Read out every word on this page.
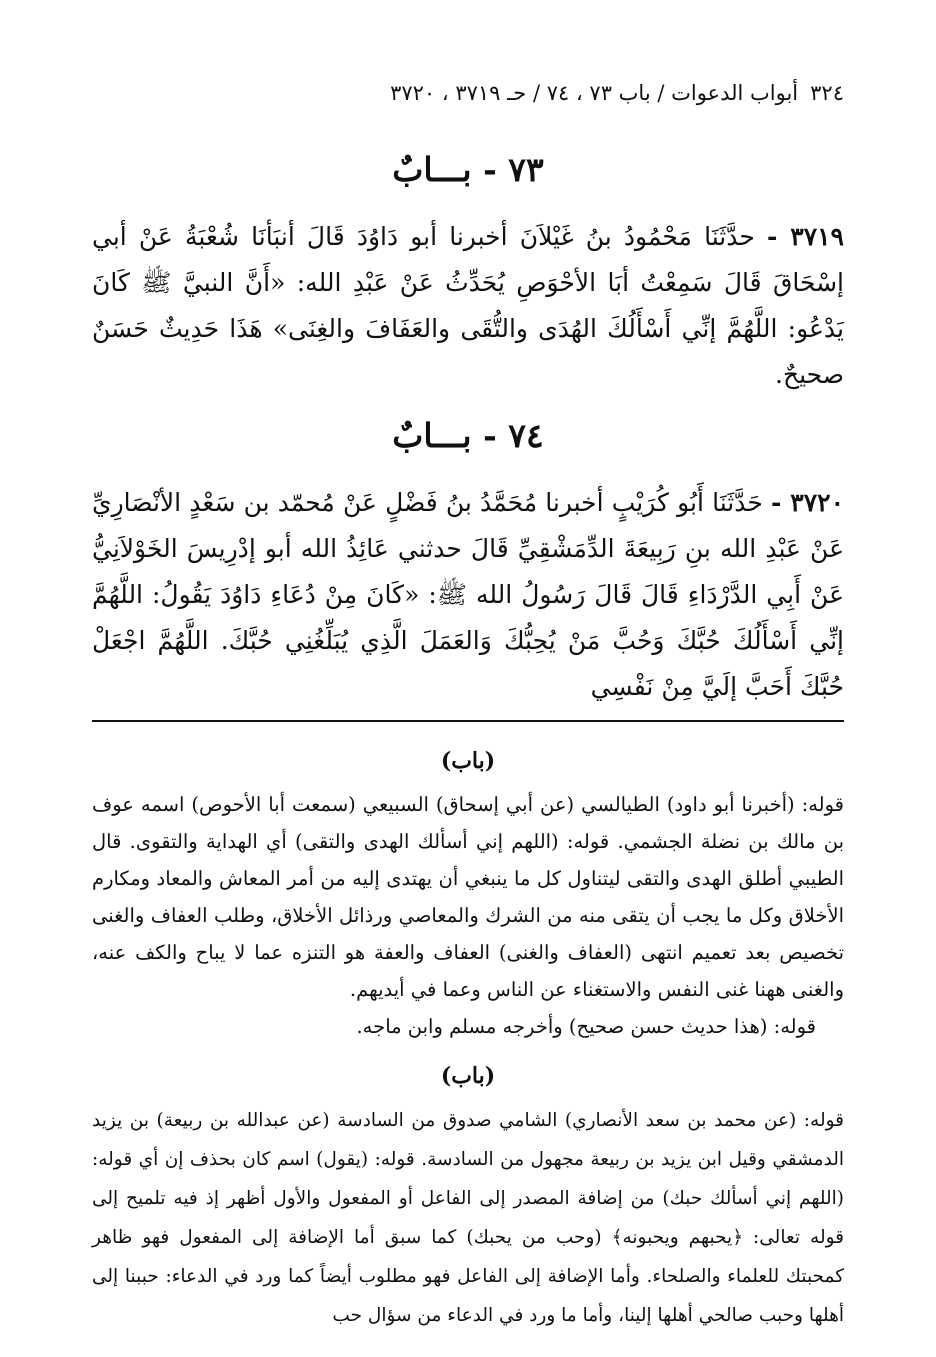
٣٢٤
أبواب الدعوات / باب ٧٣ ، ٧٤ / حـ ٣٧١٩ ، ٣٧٢٠
٧٣ - بـــابٌ

٣٧١٩ - حدَّثَنَا مَحْمُودُ بنُ غَيْلاَنَ أخبرنا أبو دَاوُدَ قَالَ أنبَأنَا شُعْبَةُ عَنْ أبي إسْحَاقَ قَالَ سَمِعْتُ أبَا الأحْوَصِ يُحَدِّثُ عَنْ عَبْدِ الله: «أَنَّ النبيَّ ﷺ كَانَ يَدْعُو: اللَّهُمَّ إنِّي أَسْأَلُكَ الهُدَى والتُّقَى والعَفَافَ والغِنَى» هَذَا حَدِيثٌ حَسَنٌ صحيحٌ.

٧٤ - بـــابٌ

٣٧٢٠ - حَدَّثَنَا أَبُو كُرَيْبٍ أخبرنا مُحَمَّدُ بنُ فَضْلٍ عَنْ مُحمّد بن سَعْدٍ الأنْصَارِيِّ عَنْ عَبْدِ الله بنِ رَبِيعَةَ الدِّمَشْقِيِّ قَالَ حدثني عَائِذُ الله أبو إدْرِيسَ الخَوْلاَنِيُّ عَنْ أَبِي الدَّرْدَاءِ قَالَ قَالَ رَسُولُ الله ﷺ: «كَانَ مِنْ دُعَاءِ دَاوُدَ يَقُولُ: اللَّهُمَّ إنِّي أَسْأَلُكَ حُبَّكَ وَحُبَّ مَنْ يُحِبُّكَ وَالعَمَلَ الَّذِي يُبَلِّغُنِي حُبَّكَ. اللَّهُمَّ اجْعَلْ حُبَّكَ أَحَبَّ إلَيَّ مِنْ نَفْسِي

(باب)

قوله: (أخبرنا أبو داود) الطيالسي (عن أبي إسحاق) السبيعي (سمعت أبا الأحوص) اسمه عوف بن مالك بن نضلة الجشمي. قوله: (اللهم إني أسألك الهدى والتقى) أي الهداية والتقوى. قال الطيبي أطلق الهدى والتقى ليتناول كل ما ينبغي أن يهتدى إليه من أمر المعاش والمعاد ومكارم الأخلاق وكل ما يجب أن يتقى منه من الشرك والمعاصي ورذائل الأخلاق، وطلب العفاف والغنى تخصيص بعد تعميم انتهى (العفاف والغنى) العفاف والعفة هو التنزه عما لا يباح والكف عنه، والغنى ههنا غنى النفس والاستغناء عن الناس وعما في أيديهم.

قوله: (هذا حديث حسن صحيح) وأخرجه مسلم وابن ماجه.

(باب)

قوله: (عن محمد بن سعد الأنصاري) الشامي صدوق من السادسة (عن عبدالله بن ربيعة) بن يزيد الدمشقي وقيل ابن يزيد بن ربيعة مجهول من السادسة. قوله: (يقول) اسم كان بحذف إن أي قوله: (اللهم إني أسألك حبك) من إضافة المصدر إلى الفاعل أو المفعول والأول أظهر إذ فيه تلميح إلى قوله تعالى: ﴿يحبهم ويحبونه﴾ (وحب من يحبك) كما سبق أما الإضافة إلى المفعول فهو ظاهر كمحبتك للعلماء والصلحاء. وأما الإضافة إلى الفاعل فهو مطلوب أيضاً كما ورد في الدعاء: حببنا إلى أهلها وحبب صالحي أهلها إلينا، وأما ما ورد في الدعاء من سؤال حب
